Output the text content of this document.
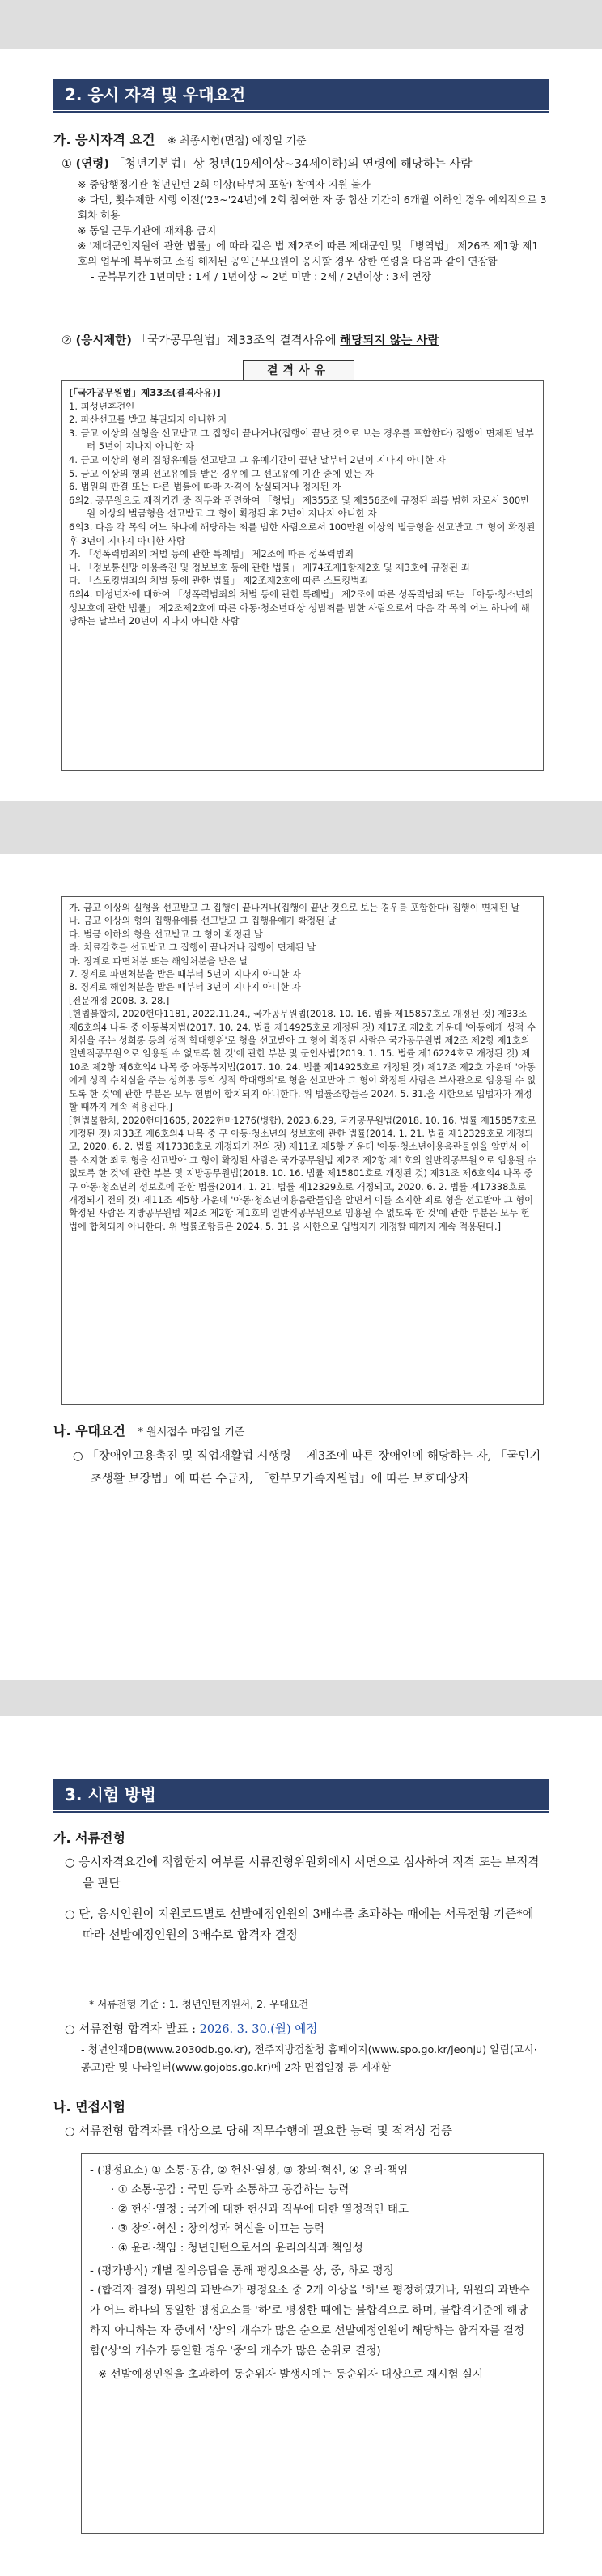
2. 응시 자격 및 우대요건
가. 응시자격 요건 ※ 최종시험(면접) 예정일 기준
① (연령) 「청년기본법」상 청년(19세이상~34세이하)의 연령에 해당하는 사람
※ 중앙행정기관 청년인턴 2회 이상(타부처 포함) 참여자 지원 불가
※ 다만, 횟수제한 시행 이전('23~'24년)에 2회 참여한 자 중 합산 기간이 6개월 이하인 경우 예외적으로 3회차 허용
※ 동일 근무기관에 재채용 금지
※ '제대군인지원에 관한 법률」에 따라 같은 법 제2조에 따른 제대군인 및 「병역법」 제26조 제1항 제1호의 업무에 복무하고 소집 해제된 공익근무요원이 응시할 경우 상한 연령을 다음과 같이 연장함
- 군복무기간 1년미만 : 1세 / 1년이상 ~ 2년 미만 : 2세 / 2년이상 : 3세 연장
② (응시제한) 「국가공무원법」제33조의 결격사유에 해당되지 않는 사람
결격사유
[「국가공무원법」제33조(결격사유)]
1. 피성년후견인
2. 파산선고를 받고 복권되지 아니한 자
3. 금고 이상의 실형을 선고받고 그 집행이 끝나거나(집행이 끝난 것으로 보는 경우를 포함한다) 집행이 면제된 날부터 5년이 지나지 아니한 자
4. 금고 이상의 형의 집행유예를 선고받고 그 유예기간이 끝난 날부터 2년이 지나지 아니한 자
5. 금고 이상의 형의 선고유예를 받은 경우에 그 선고유예 기간 중에 있는 자
6. 법원의 판결 또는 다른 법률에 따라 자격이 상실되거나 정지된 자
6의2. 공무원으로 재직기간 중 직무와 관련하여 「형법」 제355조 및 제356조에 규정된 죄를 범한 자로서 300만원 이상의 벌금형을 선고받고 그 형이 확정된 후 2년이 지나지 아니한 자
6의3. 다음 각 목의 어느 하나에 해당하는 죄를 범한 사람으로서 100만원 이상의 벌금형을 선고받고 그 형이 확정된 후 3년이 지나지 아니한 사람
가. 「성폭력범죄의 처벌 등에 관한 특례법」 제2조에 따른 성폭력범죄
나. 「정보통신망 이용촉진 및 정보보호 등에 관한 법률」 제74조제1항제2호 및 제3호에 규정된 죄
다. 「스토킹범죄의 처벌 등에 관한 법률」 제2조제2호에 따른 스토킹범죄
6의4. 미성년자에 대하여 「성폭력범죄의 처벌 등에 관한 특례법」 제2조에 따른 성폭력범죄 또는 「아동·청소년의 성보호에 관한 법률」 제2조제2호에 따른 아동·청소년대상 성범죄를 범한 사람으로서 다음 각 목의 어느 하나에 해당하는 날부터 20년이 지나지 아니한 사람
가. 금고 이상의 실형을 선고받고 그 집행이 끝나거나(집행이 끝난 것으로 보는 경우를 포함한다) 집행이 면제된 날
나. 금고 이상의 형의 집행유예를 선고받고 그 집행유예가 확정된 날
다. 벌금 이하의 형을 선고받고 그 형이 확정된 날
라. 치료감호를 선고받고 그 집행이 끝나거나 집행이 면제된 날
마. 징계로 파면처분 또는 해임처분을 받은 날
7. 징계로 파면처분을 받은 때부터 5년이 지나지 아니한 자
8. 징계로 해임처분을 받은 때부터 3년이 지나지 아니한 자
[전문개정 2008. 3. 28.]
[헌법불합치, 2020헌마1181, 2022.11.24., 국가공무원법(2018. 10. 16. 법률 제15857호로 개정된 것) 제33조 제6호의4 나목 중 아동복지법(2017. 10. 24. 법률 제14925호로 개정된 것) 제17조 제2호 가운데 '아동에게 성적 수치심을 주는 성희롱 등의 성적 학대행위'로 형을 선고받아 그 형이 확정된 사람은 국가공무원법 제2조 제2항 제1호의 일반직공무원으로 임용될 수 없도록 한 것'에 관한 부분 및 군인사법(2019. 1. 15. 법률 제16224호로 개정된 것) 제10조 제2항 제6호의4 나목 중 아동복지법(2017. 10. 24. 법률 제14925호로 개정된 것) 제17조 제2호 가운데 '아동에게 성적 수치심을 주는 성희롱 등의 성적 학대행위'로 형을 선고받아 그 형이 확정된 사람은 부사관으로 임용될 수 없도록 한 것'에 관한 부분은 모두 헌법에 합치되지 아니한다. 위 법률조항들은 2024. 5. 31.을 시한으로 입법자가 개정할 때까지 계속 적용된다.]
[헌법불합치, 2020헌마1605, 2022헌마1276(병합), 2023.6.29, 국가공무원법(2018. 10. 16. 법률 제15857호로 개정된 것) 제33조 제6호의4 나목 중 구 아동·청소년의 성보호에 관한 법률(2014. 1. 21. 법률 제12329호로 개정되고, 2020. 6. 2. 법률 제17338호로 개정되기 전의 것) 제11조 제5항 가운데 '아동·청소년이용음란물임을 알면서 이를 소지한 죄로 형을 선고받아 그 형이 확정된 사람은 국가공무원법 제2조 제2항 제1호의 일반직공무원으로 임용될 수 없도록 한 것'에 관한 부분 및 지방공무원법(2018. 10. 16. 법률 제15801호로 개정된 것) 제31조 제6호의4 나목 중 구 아동·청소년의 성보호에 관한 법률(2014. 1. 21. 법률 제12329호로 개정되고, 2020. 6. 2. 법률 제17338호로 개정되기 전의 것) 제11조 제5항 가운데 '아동·청소년이용음란물임을 알면서 이를 소지한 죄로 형을 선고받아 그 형이 확정된 사람은 지방공무원법 제2조 제2항 제1호의 일반직공무원으로 임용될 수 없도록 한 것'에 관한 부분은 모두 헌법에 합치되지 아니한다. 위 법률조항들은 2024. 5. 31.을 시한으로 입법자가 개정할 때까지 계속 적용된다.]
나. 우대요건 * 원서접수 마감일 기준
○ 「장애인고용촉진 및 직업재활법 시행령」 제3조에 따른 장애인에 해당하는 자, 「국민기초생활 보장법」에 따른 수급자, 「한부모가족지원법」에 따른 보호대상자
3. 시험 방법
가. 서류전형
○ 응시자격요건에 적합한지 여부를 서류전형위원회에서 서면으로 심사하여 적격 또는 부적격을 판단
○ 단, 응시인원이 지원코드별로 선발예정인원의 3배수를 초과하는 때에는 서류전형 기준*에 따라 선발예정인원의 3배수로 합격자 결정
* 서류전형 기준 : 1. 청년인턴지원서, 2. 우대요건
○ 서류전형 합격자 발표 : 2026. 3. 30.(월) 예정
- 청년인재DB(www.2030db.go.kr), 전주지방검찰청 홈페이지(www.spo.go.kr/jeonju) 알림(고시·공고)란 및 나라일터(www.gojobs.go.kr)에 2차 면접일정 등 게재함
나. 면접시험
○ 서류전형 합격자를 대상으로 당해 직무수행에 필요한 능력 및 적격성 검증
- (평정요소) ① 소통·공감, ② 헌신·열정, ③ 창의·혁신, ④ 윤리·책임
· ① 소통·공감 : 국민 등과 소통하고 공감하는 능력
· ② 헌신·열정 : 국가에 대한 헌신과 직무에 대한 열정적인 태도
· ③ 창의·혁신 : 창의성과 혁신을 이끄는 능력
· ④ 윤리·책임 : 청년인턴으로서의 윤리의식과 책임성
- (평가방식) 개별 질의응답을 통해 평정요소를 상, 중, 하로 평정
- (합격자 결정) 위원의 과반수가 평정요소 중 2개 이상을 '하'로 평정하였거나, 위원의 과반수가 어느 하나의 동일한 평정요소를 '하'로 평정한 때에는 불합격으로 하며, 불합격기준에 해당하지 아니하는 자 중에서 '상'의 개수가 많은 순으로 선발예정인원에 해당하는 합격자를 결정함('상'의 개수가 동일할 경우 '중'의 개수가 많은 순위로 결정)
※ 선발예정인원을 초과하여 동순위자 발생시에는 동순위자 대상으로 재시험 실시
